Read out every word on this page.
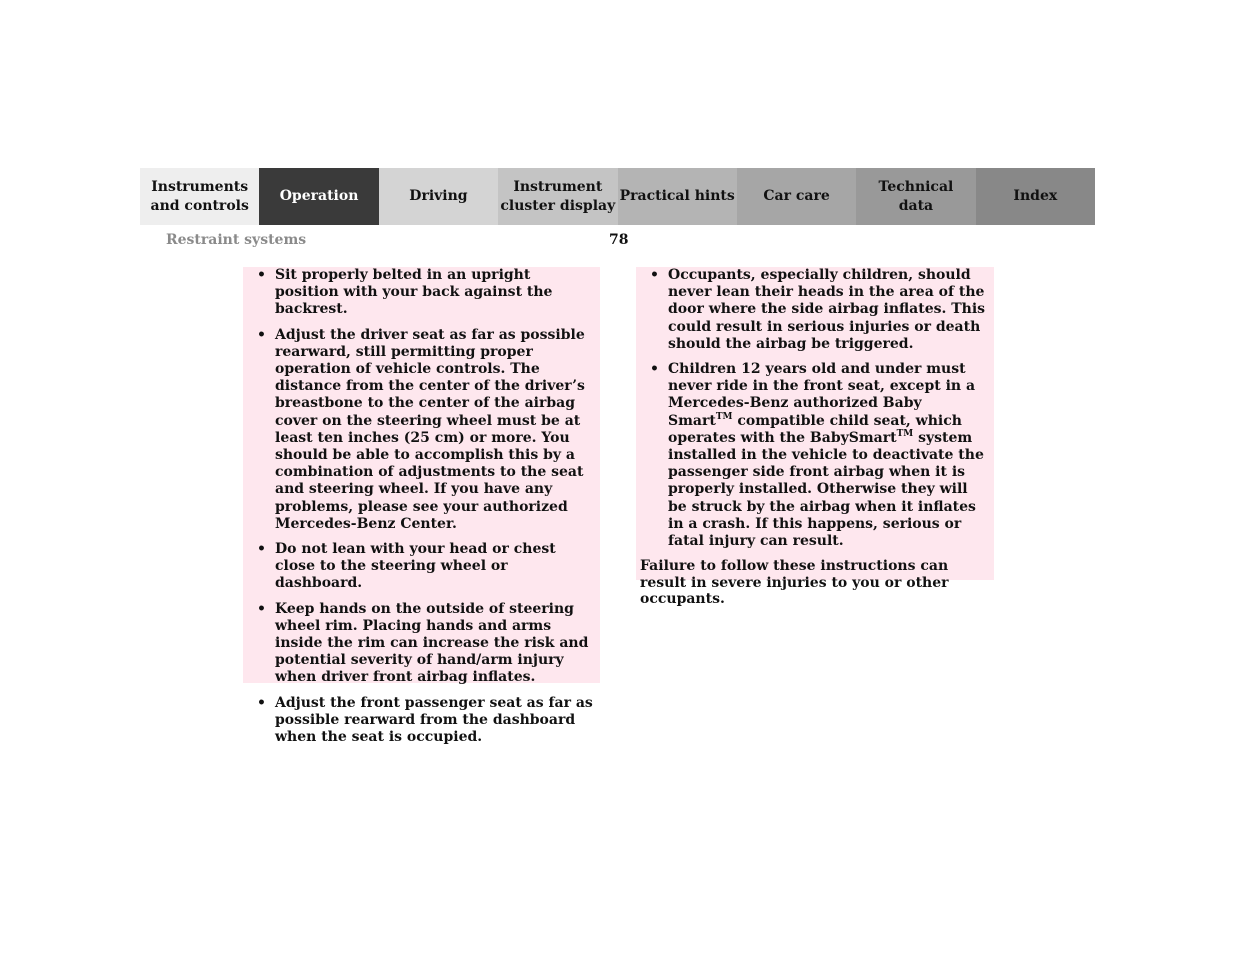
Instruments
and controls
Operation	Driving
Instrument
cluster display
Practical hints	Car care
Technical
data
Index
Restraint systems	78
• Sit properly belted in an upright position with your back against the backrest.
• Adjust the driver seat as far as possible rearward, still permitting proper operation of vehicle controls. The distance from the center of the driver’s breastbone to the center of the airbag cover on the steering wheel must be at least ten inches (25 cm) or more. You should be able to accomplish this by a combination of adjustments to the seat and steering wheel. If you have any problems, please see your authorized Mercedes-Benz Center.
• Do not lean with your head or chest close to the steering wheel or dashboard.
• Keep hands on the outside of steering wheel rim. Placing hands and arms inside the rim can increase the risk and potential severity of hand/arm injury when driver front airbag inflates.
• Adjust the front passenger seat as far as possible rearward from the dashboard when the seat is occupied.
• Occupants, especially children, should never lean their heads in the area of the door where the side airbag inflates. This could result in serious injuries or death should the airbag be triggered.
• Children 12 years old and under must never ride in the front seat, except in a Mercedes-Benz authorized Baby Smart™ compatible child seat, which operates with the BabySmart™ system installed in the vehicle to deactivate the passenger side front airbag when it is properly installed. Otherwise they will be struck by the airbag when it inflates in a crash. If this happens, serious or fatal injury can result.

Failure to follow these instructions can result in severe injuries to you or other occupants.
